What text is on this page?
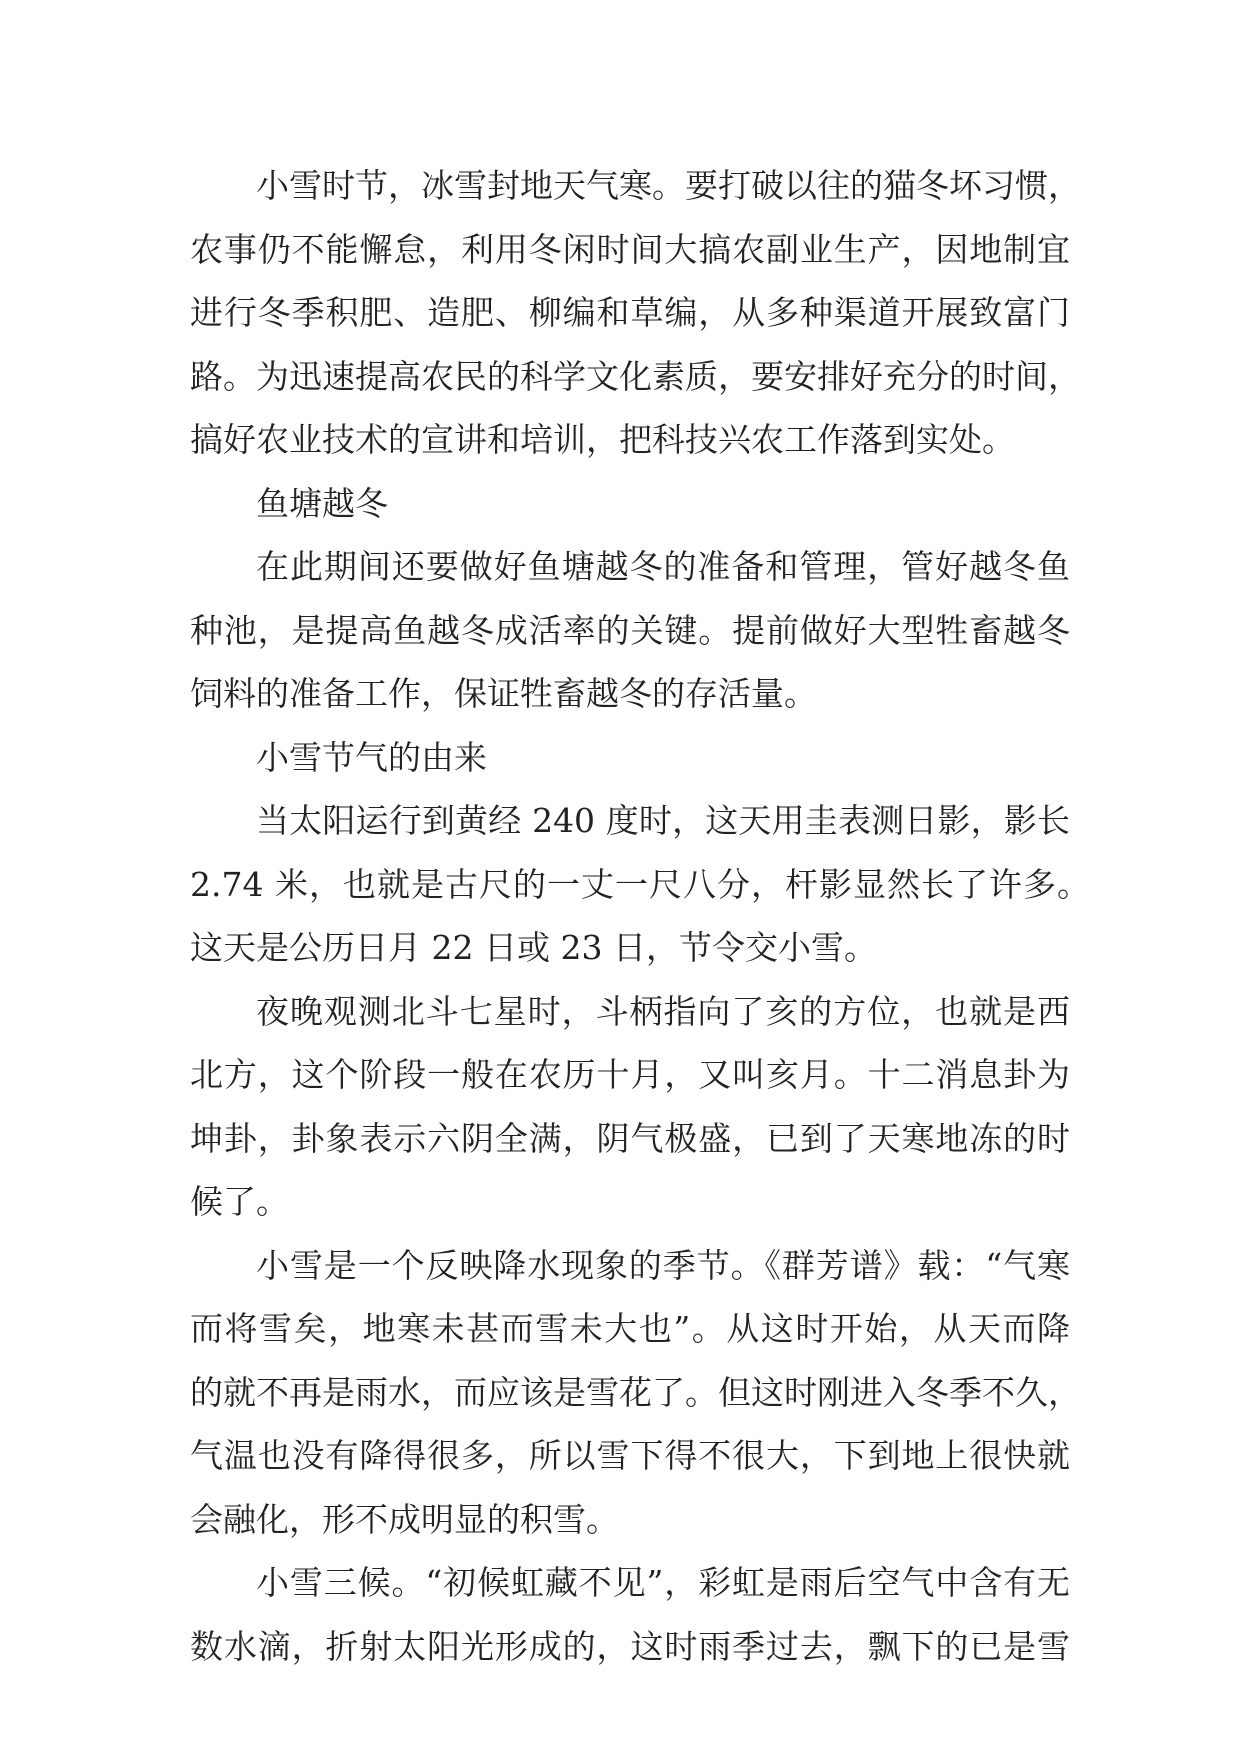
小雪时节，冰雪封地天气寒。要打破以往的猫冬坏习惯，
农事仍不能懈怠，利用冬闲时间大搞农副业生产，因地制宜
进行冬季积肥、造肥、柳编和草编，从多种渠道开展致富门
路。为迅速提高农民的科学文化素质，要安排好充分的时间，
搞好农业技术的宣讲和培训，把科技兴农工作落到实处。
鱼塘越冬
在此期间还要做好鱼塘越冬的准备和管理，管好越冬鱼
种池，是提高鱼越冬成活率的关键。提前做好大型牲畜越冬
饲料的准备工作，保证牲畜越冬的存活量。
小雪节气的由来
当太阳运行到黄经 240 度时，这天用圭表测日影，影长
2.74 米，也就是古尺的一丈一尺八分，杆影显然长了许多。
这天是公历日月 22 日或 23 日，节令交小雪。
夜晚观测北斗七星时，斗柄指向了亥的方位，也就是西
北方，这个阶段一般在农历十月，又叫亥月。十二消息卦为
坤卦，卦象表示六阴全满，阴气极盛，已到了天寒地冻的时
候了。
小雪是一个反映降水现象的季节。《群芳谱》载：“气寒
而将雪矣，地寒未甚而雪未大也”。从这时开始，从天而降
的就不再是雨水，而应该是雪花了。但这时刚进入冬季不久，
气温也没有降得很多，所以雪下得不很大，下到地上很快就
会融化，形不成明显的积雪。
小雪三候。“初候虹藏不见”，彩虹是雨后空气中含有无
数水滴，折射太阳光形成的，这时雨季过去，飘下的已是雪
